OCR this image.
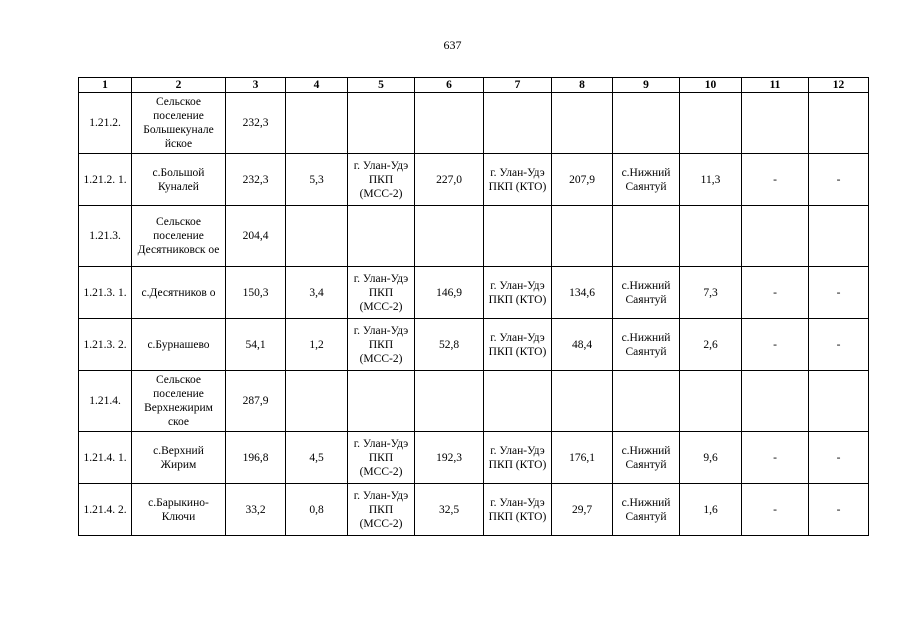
637
1	2	3	4	5	6	7	8	9	10	11	12
1.21.2.	Сельское поселение Большекунале йское	232,3									
1.21.2. 1.	с.Большой Куналей	232,3	5,3	г. Улан-Удэ ПКП (МСС-2)	227,0	г. Улан-Удэ ПКП (КТО)	207,9	с.Нижний Саянтуй	11,3	-	-
1.21.3.	Сельское поселение Десятниковск ое	204,4									
1.21.3. 1.	с.Десятников о	150,3	3,4	г. Улан-Удэ ПКП (МСС-2)	146,9	г. Улан-Удэ ПКП (КТО)	134,6	с.Нижний Саянтуй	7,3	-	-
1.21.3. 2.	с.Бурнашево	54,1	1,2	г. Улан-Удэ ПКП (МСС-2)	52,8	г. Улан-Удэ ПКП (КТО)	48,4	с.Нижний Саянтуй	2,6	-	-
1.21.4.	Сельское поселение Верхнежирим ское	287,9									
1.21.4. 1.	с.Верхний Жирим	196,8	4,5	г. Улан-Удэ ПКП (МСС-2)	192,3	г. Улан-Удэ ПКП (КТО)	176,1	с.Нижний Саянтуй	9,6	-	-
1.21.4. 2.	с.Барыкино-Ключи	33,2	0,8	г. Улан-Удэ ПКП (МСС-2)	32,5	г. Улан-Удэ ПКП (КТО)	29,7	с.Нижний Саянтуй	1,6	-	-
